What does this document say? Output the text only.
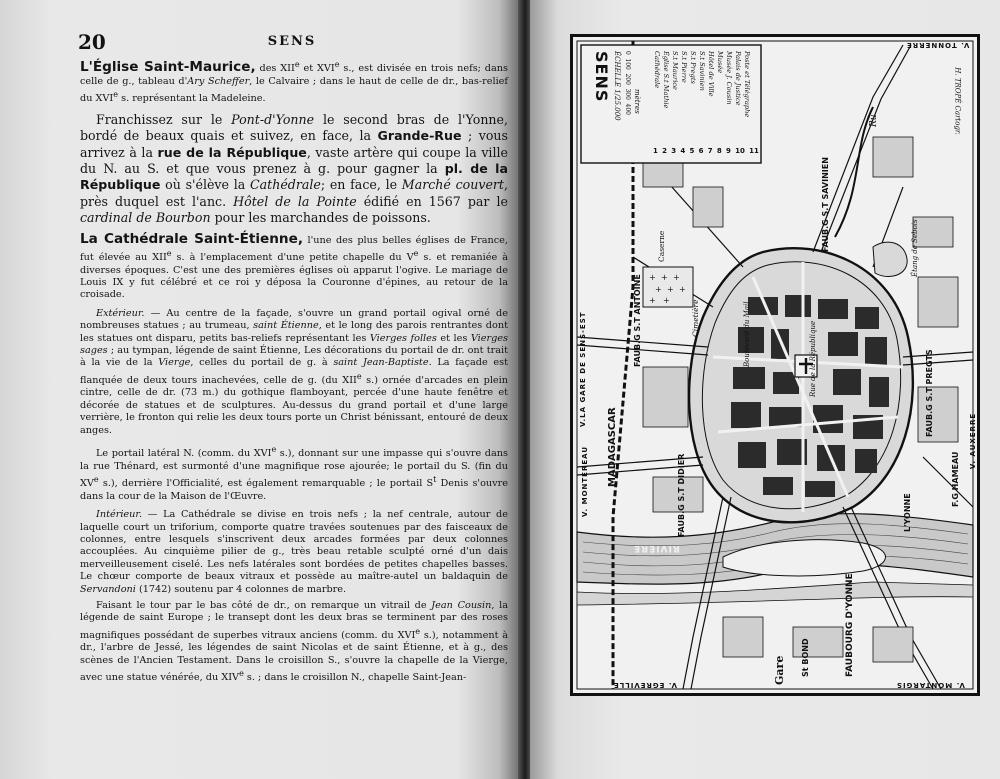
20	SENS

L'Église Saint-Maurice, des XIIe et XVIe s., est divisée en trois nefs; dans celle de g., tableau d'Ary Scheffer, le Calvaire ; dans le haut de celle de dr., bas-relief du XVIe s. représentant la Madeleine.

Franchissez sur le Pont-d'Yonne le second bras de l'Yonne, bordé de beaux quais et suivez, en face, la Grande-Rue ; vous arrivez à la rue de la République, vaste artère qui coupe la ville du N. au S. et que vous prenez à g. pour gagner la pl. de la République où s'élève la Cathédrale; en face, le Marché couvert, près duquel est l'anc. Hôtel de la Pointe édifié en 1567 par le cardinal de Bourbon pour les marchandes de poissons.

La Cathédrale Saint-Étienne, l'une des plus belles églises de France, fut élevée au XIIe s. à l'emplacement d'une petite chapelle du Ve s. et remaniée à diverses époques. C'est une des premières églises où apparut l'ogive. Le mariage de Louis IX y fut célébré et ce roi y déposa la Couronne d'épines, au retour de la croisade.

Extérieur. — Au centre de la façade, s'ouvre un grand portail ogival orné de nombreuses statues ; au trumeau, saint Étienne, et le long des parois rentrantes dont les statues ont disparu, petits bas-reliefs représentant les Vierges folles et les Vierges sages ; au tympan, légende de saint Étienne, Les décorations du portail de dr. ont trait à la vie de la Vierge, celles du portail de g. à saint Jean-Baptiste. La façade est flanquée de deux tours inachevées, celle de g. (du XIIe s.) ornée d'arcades en plein cintre, celle de dr. (73 m.) du gothique flamboyant, percée d'une haute fenêtre et décorée de statues et de sculptures. Au-dessus du grand portail et d'une large verrière, le fronton qui relie les deux tours porte un Christ bénissant, entouré de deux anges.

Le portail latéral N. (comm. du XVIe s.), donnant sur une impasse qui s'ouvre dans la rue Thénard, est surmonté d'une magnifique rose ajourée; le portail du S. (fin du XVe s.), derrière l'Officialité, est également remarquable ; le portail $S^t$ Denis s'ouvre dans la cour de la Maison de l'Œuvre.

Intérieur. — La Cathédrale se divise en trois nefs ; la nef centrale, autour de laquelle court un triforium, comporte quatre travées soutenues par des faisceaux de colonnes, entre lesquels s'inscrivent deux arcades formées par deux colonnes accouplées. Au cinquième pilier de g., très beau retable sculpté orné d'un dais merveilleusement ciselé. Les nefs latérales sont bordées de petites chapelles basses. Le chœur comporte de beaux vitraux et possède au maître-autel un baldaquin de Servandoni (1742) soutenu par 4 colonnes de marbre.

Faisant le tour par le bas côté de dr., on remarque un vitrail de Jean Cousin, la légende de saint Europe ; le transept dont les deux bras se terminent par des roses magnifiques possédant de superbes vitraux anciens (comm. du XVIe s.), notamment à dr., l'arbre de Jessé, les légendes de saint Nicolas et de saint Étienne, et à g., des scènes de l'Ancien Testament. Dans le croisillon S., s'ouvre la chapelle de la Vierge, avec une statue vénérée, du XIVe s. ; dans le croisillon N., chapelle Saint-Jean-

+ + +
+ + +
+ +
SENS ÉCHELLE 1/25.000 mètres
0
100
200
300
400
Cathédrale Église S.t Mathie S.t Maurice S.t Pierre S.t Pregts S.t Savinien Hôtel de Ville Musée Musée J. Cousin Palais de Justice Poste et Télégraphe
1 2 3 4 5 6 7 8 9 10 11
V. TONNERRE
V. MONTARGIS
V. EGREVILLE
V.LA GARE DE SENS-EST
V. MONTEREAU
V. AUXERRE
H. TROPÉ Cartogr.
MADAGASCAR
FAUB.G S.T ANTOINE
FAUB.G S.T DIDIER
FAUB.G S.T SAVINIEN
FAUB.G S.T PREGTS
F.G HAMEAU
FAUBOURG D'YONNE
St BOND
Caserne
Cimetière
Gare
RIVIÈRE
L'YONNE
Rû
Étang de Sebois
Rue de la République
Boulevard du Mail
